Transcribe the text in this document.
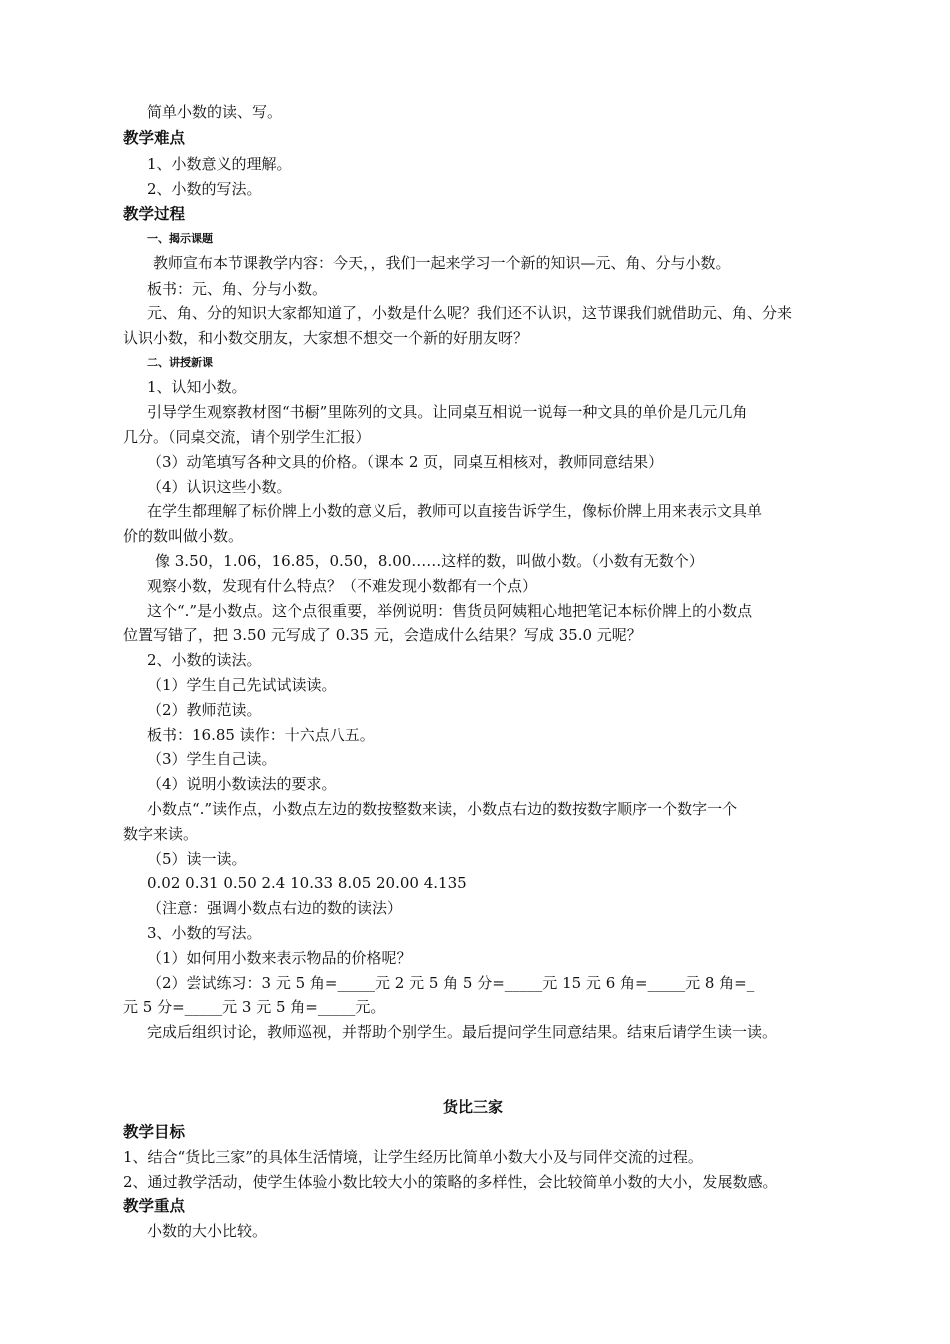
简单小数的读、写。
教学难点
1、小数意义的理解。
2、小数的写法。
教学过程
一、揭示课题
教师宣布本节课教学内容：今天，，我们一起来学习一个新的知识—元、角、分与小数。
板书：元、角、分与小数。
元、角、分的知识大家都知道了，小数是什么呢？我们还不认识，这节课我们就借助元、角、分来
认识小数，和小数交朋友，大家想不想交一个新的好朋友呀？
二、讲授新课
1、认知小数。
引导学生观察教材图“书橱”里陈列的文具。让同桌互相说一说每一种文具的单价是几元几角
几分。（同桌交流，请个别学生汇报）
（3）动笔填写各种文具的价格。（课本 2 页，同桌互相核对，教师同意结果）
（4）认识这些小数。
在学生都理解了标价牌上小数的意义后，教师可以直接告诉学生，像标价牌上用来表示文具单
价的数叫做小数。
像 3.50，1.06，16.85，0.50，8.00……这样的数，叫做小数。（小数有无数个）
观察小数，发现有什么特点？（不难发现小数都有一个点）
这个“.”是小数点。这个点很重要，举例说明：售货员阿姨粗心地把笔记本标价牌上的小数点
位置写错了，把 3.50 元写成了 0.35 元，会造成什么结果？写成 35.0 元呢？
2、小数的读法。
（1）学生自己先试试读读。
（2）教师范读。
板书：16.85 读作：十六点八五。
（3）学生自己读。
（4）说明小数读法的要求。
小数点“.”读作点，小数点左边的数按整数来读，小数点右边的数按数字顺序一个数字一个
数字来读。
（5）读一读。
0.02 0.31 0.50 2.4 10.33 8.05 20.00 4.135
（注意：强调小数点右边的数的读法）
3、小数的写法。
（1）如何用小数来表示物品的价格呢？
（2）尝试练习：3 元 5 角=_____元 2 元 5 角 5 分=_____元 15 元 6 角=_____元 8 角=_
元 5 分=_____元 3 元 5 角=_____元。
完成后组织讨论，教师巡视，并帮助个别学生。最后提问学生同意结果。结束后请学生读一读。
货比三家
教学目标
1、结合“货比三家”的具体生活情境，让学生经历比简单小数大小及与同伴交流的过程。
2、通过教学活动，使学生体验小数比较大小的策略的多样性，会比较简单小数的大小，发展数感。
教学重点
小数的大小比较。
